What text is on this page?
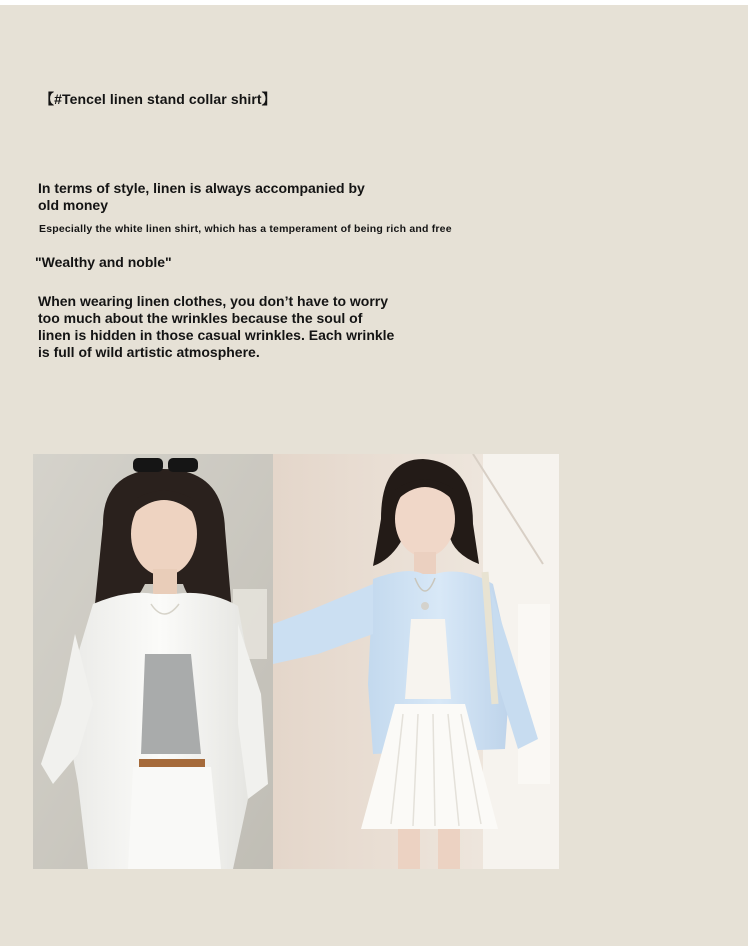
【#Tencel linen stand collar shirt】
In terms of style, linen is always accompanied by old money
Especially the white linen shirt, which has a temperament of being rich and free
"Wealthy and noble"
When wearing linen clothes, you don’t have to worry too much about the wrinkles because the soul of linen is hidden in those casual wrinkles. Each wrinkle is full of wild artistic atmosphere.
